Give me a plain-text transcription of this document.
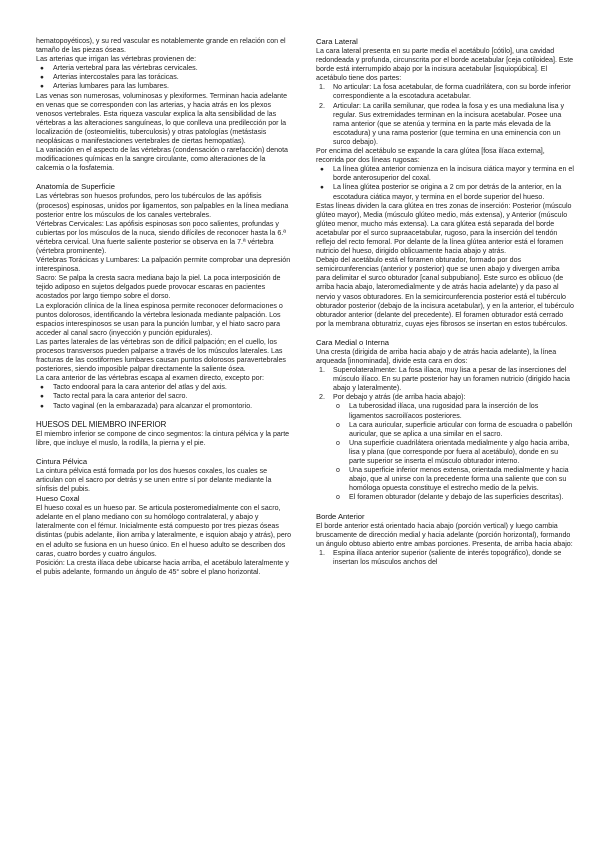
hematopoyéticos), y su red vascular es notablemente grande en relación con el tamaño de las piezas óseas.

Las arterias que irrigan las vértebras provienen de:

● Arteria vertebral para las vértebras cervicales.
● Arterias intercostales para las torácicas.
● Arterias lumbares para las lumbares.

Las venas son numerosas, voluminosas y plexiformes. Terminan hacia adelante en venas que se corresponden con las arterias, y hacia atrás en los plexos venosos vertebrales. Esta riqueza vascular explica la alta sensibilidad de las vértebras a las alteraciones sanguíneas, lo que conlleva una predilección por la localización de (osteomielitis, tuberculosis) y otras patologías (metástasis neoplásicas o manifestaciones vertebrales de ciertas hemopatías).

La variación en el aspecto de las vértebras (condensación o rarefacción) denota modificaciones químicas en la sangre circulante, como alteraciones de la calcemia o la fosfatemia.

Anatomía de Superficie

Las vértebras son huesos profundos, pero los tubérculos de las apófisis (procesos) espinosas, unidos por ligamentos, son palpables en la línea mediana posterior entre los músculos de los canales vertebrales.

Vértebras Cervicales: Las apófisis espinosas son poco salientes, profundas y cubiertas por los músculos de la nuca, siendo difíciles de reconocer hasta la 6.ª vértebra cervical. Una fuerte saliente posterior se observa en la 7.ª vértebra (vértebra prominente).

Vértebras Torácicas y Lumbares: La palpación permite comprobar una depresión interespinosa.

Sacro: Se palpa la cresta sacra mediana bajo la piel. La poca interposición de tejido adiposo en sujetos delgados puede provocar escaras en pacientes acostados por largo tiempo sobre el dorso.

La exploración clínica de la línea espinosa permite reconocer deformaciones o puntos dolorosos, identificando la vértebra lesionada mediante palpación. Los espacios interespinosos se usan para la punción lumbar, y el hiato sacro para acceder al canal sacro (inyección y punción epidurales).

Las partes laterales de las vértebras son de difícil palpación; en el cuello, los procesos transversos pueden palparse a través de los músculos laterales. Las fracturas de las costiformes lumbares causan puntos dolorosos paravertebrales posteriores, siendo imposible palpar directamente la saliente ósea.

La cara anterior de las vértebras escapa al examen directo, excepto por:

● Tacto endooral para la cara anterior del atlas y del axis.
● Tacto rectal para la cara anterior del sacro.
● Tacto vaginal (en la embarazada) para alcanzar el promontorio.

HUESOS DEL MIEMBRO INFERIOR

El miembro inferior se compone de cinco segmentos: la cintura pélvica y la parte libre, que incluye el muslo, la rodilla, la pierna y el pie.

Cintura Pélvica

La cintura pélvica está formada por los dos huesos coxales, los cuales se articulan con el sacro por detrás y se unen entre sí por delante mediante la sínfisis del pubis.

Hueso Coxal

El hueso coxal es un hueso par. Se articula posteromedialmente con el sacro, adelante en el plano mediano con su homólogo contralateral, y abajo y lateralmente con el fémur. Inicialmente está compuesto por tres piezas óseas distintas (pubis adelante, ilion arriba y lateralmente, e isquion abajo y atrás), pero en el adulto se fusiona en un hueso único. En el hueso adulto se describen dos caras, cuatro bordes y cuatro ángulos.

Posición: La cresta ilíaca debe ubicarse hacia arriba, el acetábulo lateralmente y el pubis adelante, formando un ángulo de 45° sobre el plano horizontal.

Cara Lateral

La cara lateral presenta en su parte media el acetábulo [cótilo], una cavidad redondeada y profunda, circunscrita por el borde acetabular [ceja cotiloidea]. Este borde está interrumpido abajo por la incisura acetabular [isquiopúbica]. El acetábulo tiene dos partes:

1. No articular: La fosa acetabular, de forma cuadrilátera, con su borde inferior correspondiente a la escotadura acetabular.
2. Articular: La carilla semilunar, que rodea la fosa y es una medialuna lisa y regular. Sus extremidades terminan en la incisura acetabular. Posee una rama anterior (que se atenúa y termina en la parte más elevada de la escotadura) y una rama posterior (que termina en una eminencia con un surco debajo).

Por encima del acetábulo se expande la cara glútea [fosa ilíaca externa], recorrida por dos líneas rugosas:

● La línea glútea anterior comienza en la incisura ciática mayor y termina en el borde anterosuperior del coxal.
● La línea glútea posterior se origina a 2 cm por detrás de la anterior, en la escotadura ciática mayor, y termina en el borde superior del hueso.

Estas líneas dividen la cara glútea en tres zonas de inserción: Posterior (músculo glúteo mayor), Media (músculo glúteo medio, más extensa), y Anterior (músculo glúteo menor, mucho más extensa). La cara glútea está separada del borde acetabular por el surco supraacetabular, rugoso, para la inserción del tendón reflejo del recto femoral. Por delante de la línea glútea anterior está el foramen nutricio del hueso, dirigido oblicuamente hacia abajo y atrás.

Debajo del acetábulo está el foramen obturador, formado por dos semicircunferencias (anterior y posterior) que se unen abajo y divergen arriba para delimitar el surco obturador [canal subpubiano]. Este surco es oblicuo (de arriba hacia abajo, lateromedialmente y de atrás hacia adelante) y da paso al nervio y vasos obturadores. En la semicircunferencia posterior está el tubérculo obturador posterior (debajo de la incisura acetabular), y en la anterior, el tubérculo obturador anterior (delante del precedente). El foramen obturador está cerrado por la membrana obturatriz, cuyas ejes fibrosos se insertan en estos tubérculos.

Cara Medial o Interna

Una cresta (dirigida de arriba hacia abajo y de atrás hacia adelante), la línea arqueada [innominada], divide esta cara en dos:

1. Superolateralmente: La fosa ilíaca, muy lisa a pesar de las inserciones del músculo ilíaco. En su parte posterior hay un foramen nutricio (dirigido hacia abajo y lateralmente).
2. Por debajo y atrás (de arriba hacia abajo):
o La tuberosidad ilíaca, una rugosidad para la inserción de los ligamentos sacroilíacos posteriores.
o La cara auricular, superficie articular con forma de escuadra o pabellón auricular, que se aplica a una similar en el sacro.
o Una superficie cuadrilátera orientada medialmente y algo hacia arriba, lisa y plana (que corresponde por fuera al acetábulo), donde en su parte superior se inserta el músculo obturador interno.
o Una superficie inferior menos extensa, orientada medialmente y hacia abajo, que al unirse con la precedente forma una saliente que con su homóloga opuesta constituye el estrecho medio de la pelvis.
o El foramen obturador (delante y debajo de las superficies descritas).

Borde Anterior

El borde anterior está orientado hacia abajo (porción vertical) y luego cambia bruscamente de dirección medial y hacia adelante (porción horizontal), formando un ángulo obtuso abierto entre ambas porciones. Presenta, de arriba hacia abajo:

1. Espina ilíaca anterior superior (saliente de interés topográfico), donde se insertan los músculos anchos del
